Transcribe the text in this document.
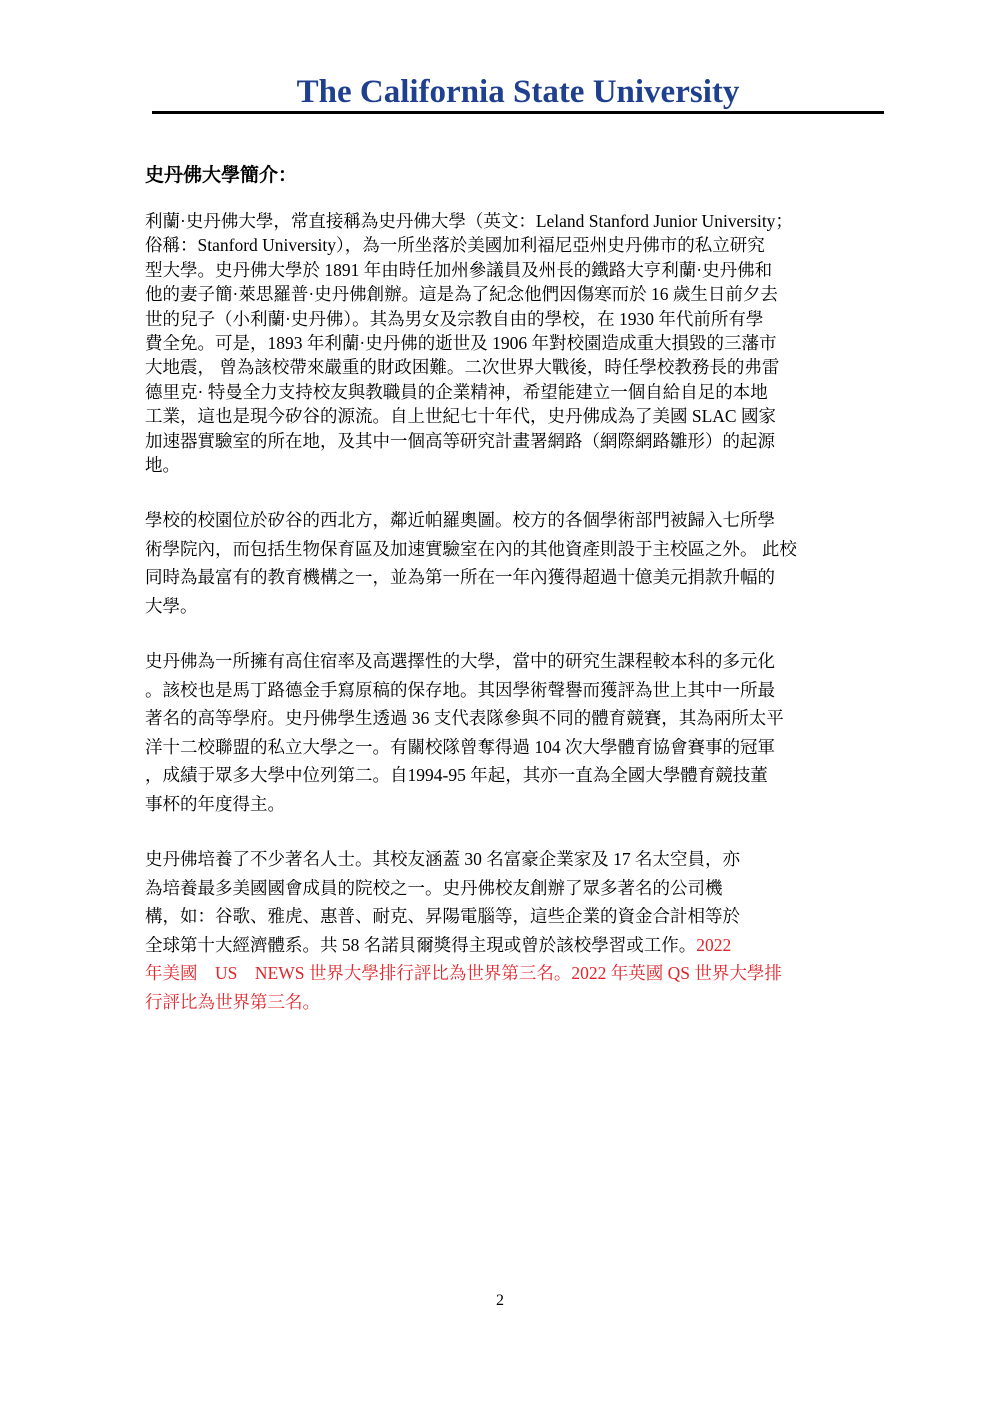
The California State University
史丹佛大學簡介：
利蘭·史丹佛大學，常直接稱為史丹佛大學（英文：Leland Stanford Junior University；
俗稱：Stanford University），為一所坐落於美國加利福尼亞州史丹佛市的私立研究
型大學。史丹佛大學於 1891 年由時任加州參議員及州長的鐵路大亨利蘭·史丹佛和
他的妻子簡·萊思羅普·史丹佛創辦。這是為了紀念他們因傷寒而於 16 歲生日前夕去
世的兒子（小利蘭·史丹佛）。其為男女及宗教自由的學校，在 1930 年代前所有學
費全免。可是，1893 年利蘭·史丹佛的逝世及 1906 年對校園造成重大損毀的三藩市
大地震， 曾為該校帶來嚴重的財政困難。二次世界大戰後，時任學校教務長的弗雷
德里克· 特曼全力支持校友與教職員的企業精神，希望能建立一個自給自足的本地
工業，這也是現今矽谷的源流。自上世紀七十年代，史丹佛成為了美國 SLAC 國家
加速器實驗室的所在地，及其中一個高等研究計畫署網路（網際網路雛形）的起源
地。
學校的校園位於矽谷的西北方，鄰近帕羅奧圖。校方的各個學術部門被歸入七所學
術學院內，而包括生物保育區及加速實驗室在內的其他資產則設于主校區之外。 此校
同時為最富有的教育機構之一，並為第一所在一年內獲得超過十億美元捐款升幅的
大學。
史丹佛為一所擁有高住宿率及高選擇性的大學，當中的研究生課程較本科的多元化
。該校也是馬丁路德金手寫原稿的保存地。其因學術聲譽而獲評為世上其中一所最
著名的高等學府。史丹佛學生透過 36 支代表隊參與不同的體育競賽，其為兩所太平
洋十二校聯盟的私立大學之一。有關校隊曾奪得過 104 次大學體育協會賽事的冠軍
，成績于眾多大學中位列第二。自1994-95 年起，其亦一直為全國大學體育競技董
事杯的年度得主。
史丹佛培養了不少著名人士。其校友涵蓋 30 名富豪企業家及 17 名太空員，亦
為培養最多美國國會成員的院校之一。史丹佛校友創辦了眾多著名的公司機
構，如：谷歌、雅虎、惠普、耐克、昇陽電腦等，這些企業的資金合計相等於
全球第十大經濟體系。共 58 名諾貝爾獎得主現或曾於該校學習或工作。2022
年美國　US　NEWS 世界大學排行評比為世界第三名。2022 年英國 QS 世界大學排
行評比為世界第三名。
2
